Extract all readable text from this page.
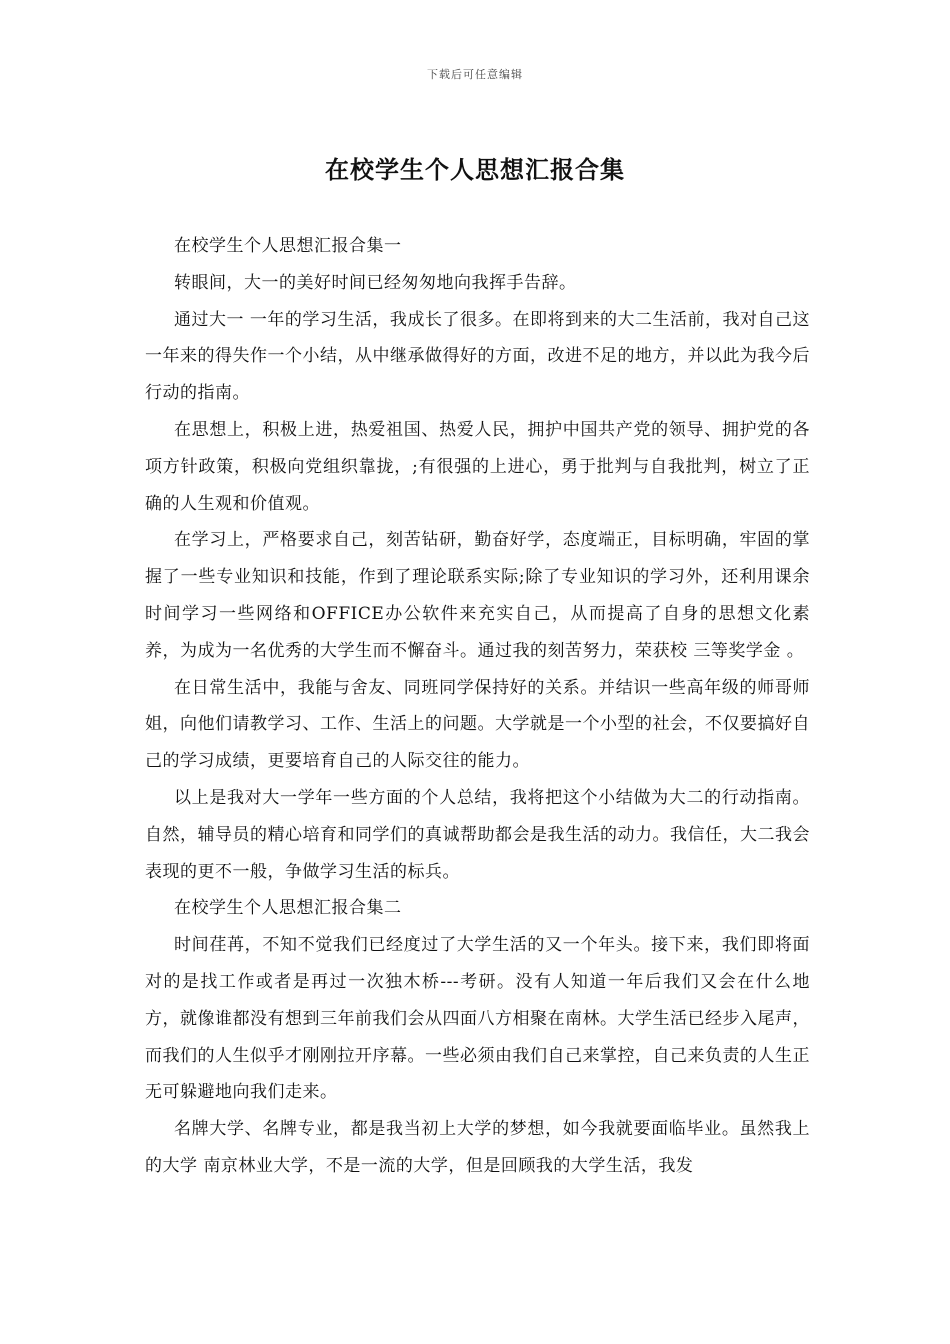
下载后可任意编辑
在校学生个人思想汇报合集

在校学生个人思想汇报合集一

转眼间，大一的美好时间已经匆匆地向我挥手告辞。

通过大一 一年的学习生活，我成长了很多。在即将到来的大二生活前，我对自己这一年来的得失作一个小结，从中继承做得好的方面，改进不足的地方，并以此为我今后行动的指南。

在思想上，积极上进，热爱祖国、热爱人民，拥护中国共产党的领导、拥护党的各项方针政策，积极向党组织靠拢，;有很强的上进心，勇于批判与自我批判，树立了正确的人生观和价值观。

在学习上，严格要求自己，刻苦钻研，勤奋好学，态度端正，目标明确，牢固的掌握了一些专业知识和技能，作到了理论联系实际;除了专业知识的学习外，还利用课余时间学习一些网络和OFFICE办公软件来充实自己，从而提高了自身的思想文化素养，为成为一名优秀的大学生而不懈奋斗。通过我的刻苦努力，荣获校 三等奖学金 。

在日常生活中，我能与舍友、同班同学保持好的关系。并结识一些高年级的师哥师姐，向他们请教学习、工作、生活上的问题。大学就是一个小型的社会，不仅要搞好自己的学习成绩，更要培育自己的人际交往的能力。

以上是我对大一学年一些方面的个人总结，我将把这个小结做为大二的行动指南。自然，辅导员的精心培育和同学们的真诚帮助都会是我生活的动力。我信任，大二我会表现的更不一般，争做学习生活的标兵。

在校学生个人思想汇报合集二

时间荏苒，不知不觉我们已经度过了大学生活的又一个年头。接下来，我们即将面对的是找工作或者是再过一次独木桥---考研。没有人知道一年后我们又会在什么地方，就像谁都没有想到三年前我们会从四面八方相聚在南林。大学生活已经步入尾声，而我们的人生似乎才刚刚拉开序幕。一些必须由我们自己来掌控，自己来负责的人生正无可躲避地向我们走来。

名牌大学、名牌专业，都是我当初上大学的梦想，如今我就要面临毕业。虽然我上的大学 南京林业大学，不是一流的大学，但是回顾我的大学生活，我发
